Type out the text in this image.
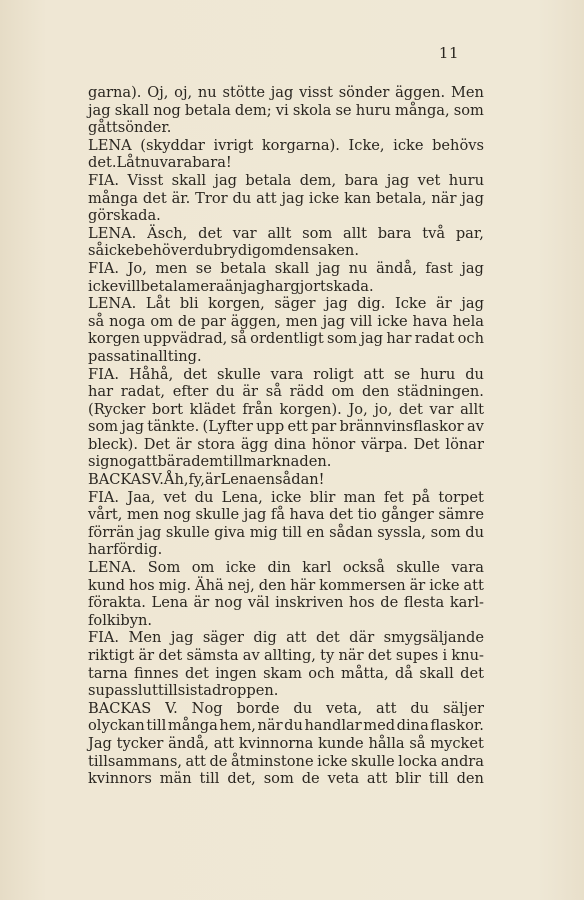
11
garna). Oj, oj, nu stötte jag visst sönder äggen. Men
jag skall nog betala dem; vi skola se huru många, som
gått sönder.
LENA (skyddar ivrigt korgarna). Icke, icke behövs
det. Låt nu vara bara!
FIA. Visst skall jag betala dem, bara jag vet huru
många det är. Tror du att jag icke kan betala, när jag
gör skada.
LENA. Äsch, det var allt som allt bara två par,
så icke behöver du bry dig om den saken.
FIA. Jo, men se betala skall jag nu ändå, fast jag
icke vill betala mera än jag har gjort skada.
LENA. Låt bli korgen, säger jag dig. Icke är jag
så noga om de par äggen, men jag vill icke hava hela
korgen uppvädrad, så ordentligt som jag har radat och
passat in allting.
FIA. Håhå, det skulle vara roligt att se huru du
har radat, efter du är så rädd om den städningen.
(Rycker bort klädet från korgen). Jo, jo, det var allt
som jag tänkte. (Lyfter upp ett par brännvinsflaskor av
bleck). Det är stora ägg dina hönor värpa. Det lönar
sig nog att bära dem till marknaden.
BACKAS V. Åh, fy, är Lena en sådan!
FIA. Jaa, vet du Lena, icke blir man fet på torpet
vårt, men nog skulle jag få hava det tio gånger sämre
förrän jag skulle giva mig till en sådan syssla, som du
har för dig.
LENA. Som om icke din karl också skulle vara
kund hos mig. Ähä nej, den här kommersen är icke att
förakta. Lena är nog väl inskriven hos de flesta karl-
folk i byn.
FIA. Men jag säger dig att det där smygsäljande
riktigt är det sämsta av allting, ty när det supes i knu-
tarna finnes det ingen skam och måtta, då skall det
supas slut till sista droppen.
BACKAS V. Nog borde du veta, att du säljer
olyckan till många hem, när du handlar med dina flaskor.
Jag tycker ändå, att kvinnorna kunde hålla så mycket
tillsammans, att de åtminstone icke skulle locka andra
kvinnors män till det, som de veta att blir till den
